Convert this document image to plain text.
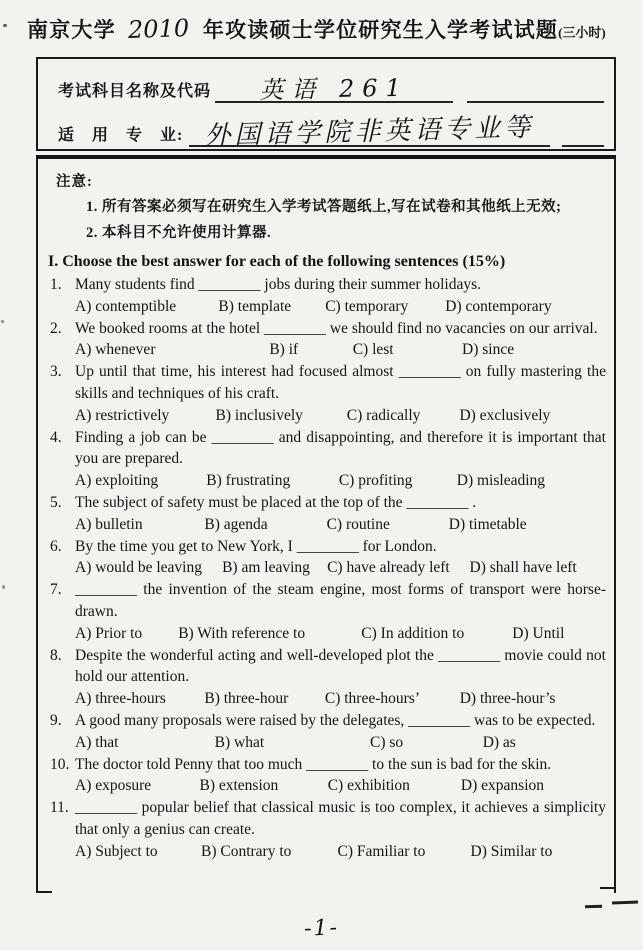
南京大学 2010 年攻读硕士学位研究生入学考试试题 (三小时)
考试科目名称及代码	英语 261
适　用　专　业: 外国语学院非英语专业等
注意:
1. 所有答案必须写在研究生入学考试答题纸上,写在试卷和其他纸上无效;
2. 本科目不允许使用计算器.
I. Choose the best answer for each of the following sentences (15%)
1. Many students find ________ jobs during their summer holidays.
A) contemptible	B) template	C) temporary	D) contemporary
2. We booked rooms at the hotel ________ we should find no vacancies on our arrival.
A) whenever	B) if	C) lest	D) since
3. Up until that time, his interest had focused almost ________ on fully mastering the skills and techniques of his craft.
A) restrictively	B) inclusively	C) radically	D) exclusively
4. Finding a job can be ________ and disappointing, and therefore it is important that you are prepared.
A) exploiting	B) frustrating	C) profiting	D) misleading
5. The subject of safety must be placed at the top of the ________ .
A) bulletin	B) agenda	C) routine	D) timetable
6. By the time you get to New York, I ________ for London.
A) would be leaving	B) am leaving	C) have already left	D) shall have left
7. ________ the invention of the steam engine, most forms of transport were horse-drawn.
A) Prior to	B) With reference to	C) In addition to	D) Until
8. Despite the wonderful acting and well-developed plot the ________ movie could not hold our attention.
A) three-hours	B) three-hour	C) three-hours’	D) three-hour’s
9. A good many proposals were raised by the delegates, ________ was to be expected.
A) that	B) what	C) so	D) as
10. The doctor told Penny that too much ________ to the sun is bad for the skin.
A) exposure	B) extension	C) exhibition	D) expansion
11. ________ popular belief that classical music is too complex, it achieves a simplicity that only a genius can create.
A) Subject to	B) Contrary to	C) Familiar to	D) Similar to
-1-
